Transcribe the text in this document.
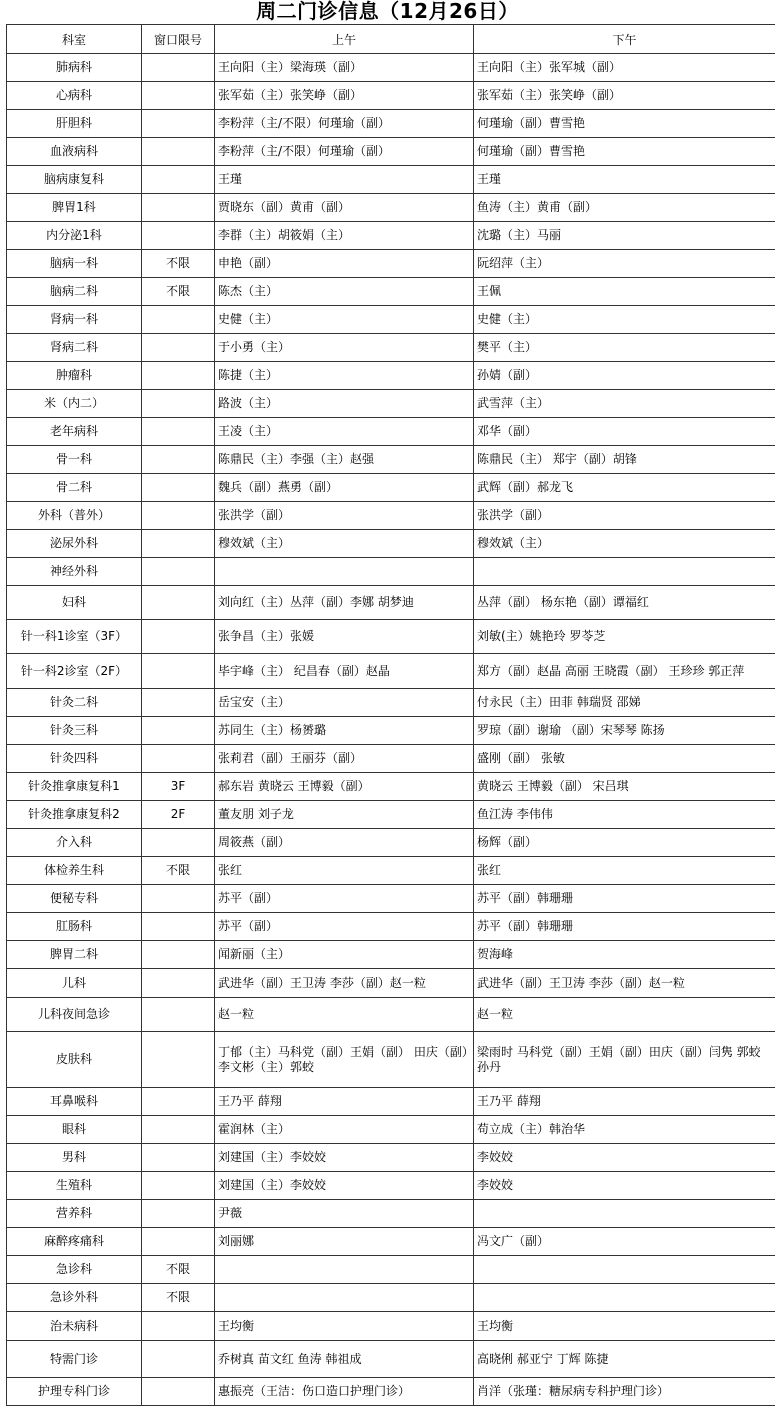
周二门诊信息（12月26日）
科室	窗口限号	上午	下午
肺病科		王向阳（主）梁海瑛（副）	王向阳（主）张军城（副）
心病科		张军茹（主）张笑峥（副）	张军茹（主）张笑峥（副）
肝胆科		李粉萍（主/不限）何瑾瑜（副）	何瑾瑜（副）曹雪艳
血液病科		李粉萍（主/不限）何瑾瑜（副）	何瑾瑜（副）曹雪艳
脑病康复科		王瑾	王瑾
脾胃1科		贾晓东（副）黄甫（副）	鱼涛（主）黄甫（副）
内分泌1科		李群（主）胡筱娟（主）	沈璐（主）马丽
脑病一科	不限	申艳（副）	阮绍萍（主）
脑病二科	不限	陈杰（主）	王佩
肾病一科		史健（主）	史健（主）
肾病二科		于小勇（主）	樊平（主）
肿瘤科		陈捷（主）	孙婧（副）
米（内二）		路波（主）	武雪萍（主）
老年病科		王凌（主）	邓华（副）
骨一科		陈鼎民（主）李强（主）赵强	陈鼎民（主） 郑宇（副）胡锋
骨二科		魏兵（副）燕勇（副）	武辉（副）郝龙飞
外科（普外）		张洪学（副）	张洪学（副）
泌尿外科		穆效斌（主）	穆效斌（主）
神经外科			
妇科		刘向红（主）丛萍（副）李娜 胡梦迪	丛萍（副） 杨东艳（副）谭福红
针一科1诊室（3F）		张争昌（主）张媛	刘敏(主）姚艳玲 罗苓芝
针一科2诊室（2F）		毕宇峰（主） 纪昌春（副）赵晶	郑方（副）赵晶 高丽 王晓霞（副） 王珍珍 郭正萍
针灸二科		岳宝安（主）	付永民（主）田菲 韩瑞贤 邵娣
针灸三科		苏同生（主）杨赟璐	罗琼（副）谢瑜 （副）宋琴琴 陈扬
针灸四科		张莉君（副）王丽芬（副）	盛刚（副） 张敏
针灸推拿康复科1	3F	郝东岩 黄晓云 王博毅（副）	黄晓云 王博毅（副） 宋吕琪
针灸推拿康复科2	2F	董友朋 刘子龙	鱼江涛 李伟伟
介入科		周筱燕（副）	杨辉（副）
体检养生科	不限	张红	张红
便秘专科		苏平（副）	苏平（副）韩珊珊
肛肠科		苏平（副）	苏平（副）韩珊珊
脾胃二科		闻新丽（主）	贺海峰
儿科		武进华（副）王卫涛 李莎（副）赵一粒	武进华（副）王卫涛 李莎（副）赵一粒
儿科夜间急诊		赵一粒	赵一粒
皮肤科		丁郁（主）马科党（副）王娟（副） 田庆（副）李文彬（主）郭蛟	梁雨时 马科党（副）王娟（副）田庆（副）闫隽 郭蛟 孙丹
耳鼻喉科		王乃平 薛翔	王乃平 薛翔
眼科		霍润林（主）	苟立成（主）韩治华
男科		刘建国（主）李姣姣	李姣姣
生殖科		刘建国（主）李姣姣	李姣姣
营养科		尹薇	
麻醉疼痛科		刘丽娜	冯文广（副）
急诊科	不限		
急诊外科	不限		
治未病科		王均衡	王均衡
特需门诊		乔树真 苗文红 鱼涛 韩祖成	高晓俐 郝亚宁 丁辉 陈捷
护理专科门诊		惠振亮（王洁：伤口造口护理门诊）	肖洋（张瑾：糖尿病专科护理门诊）
